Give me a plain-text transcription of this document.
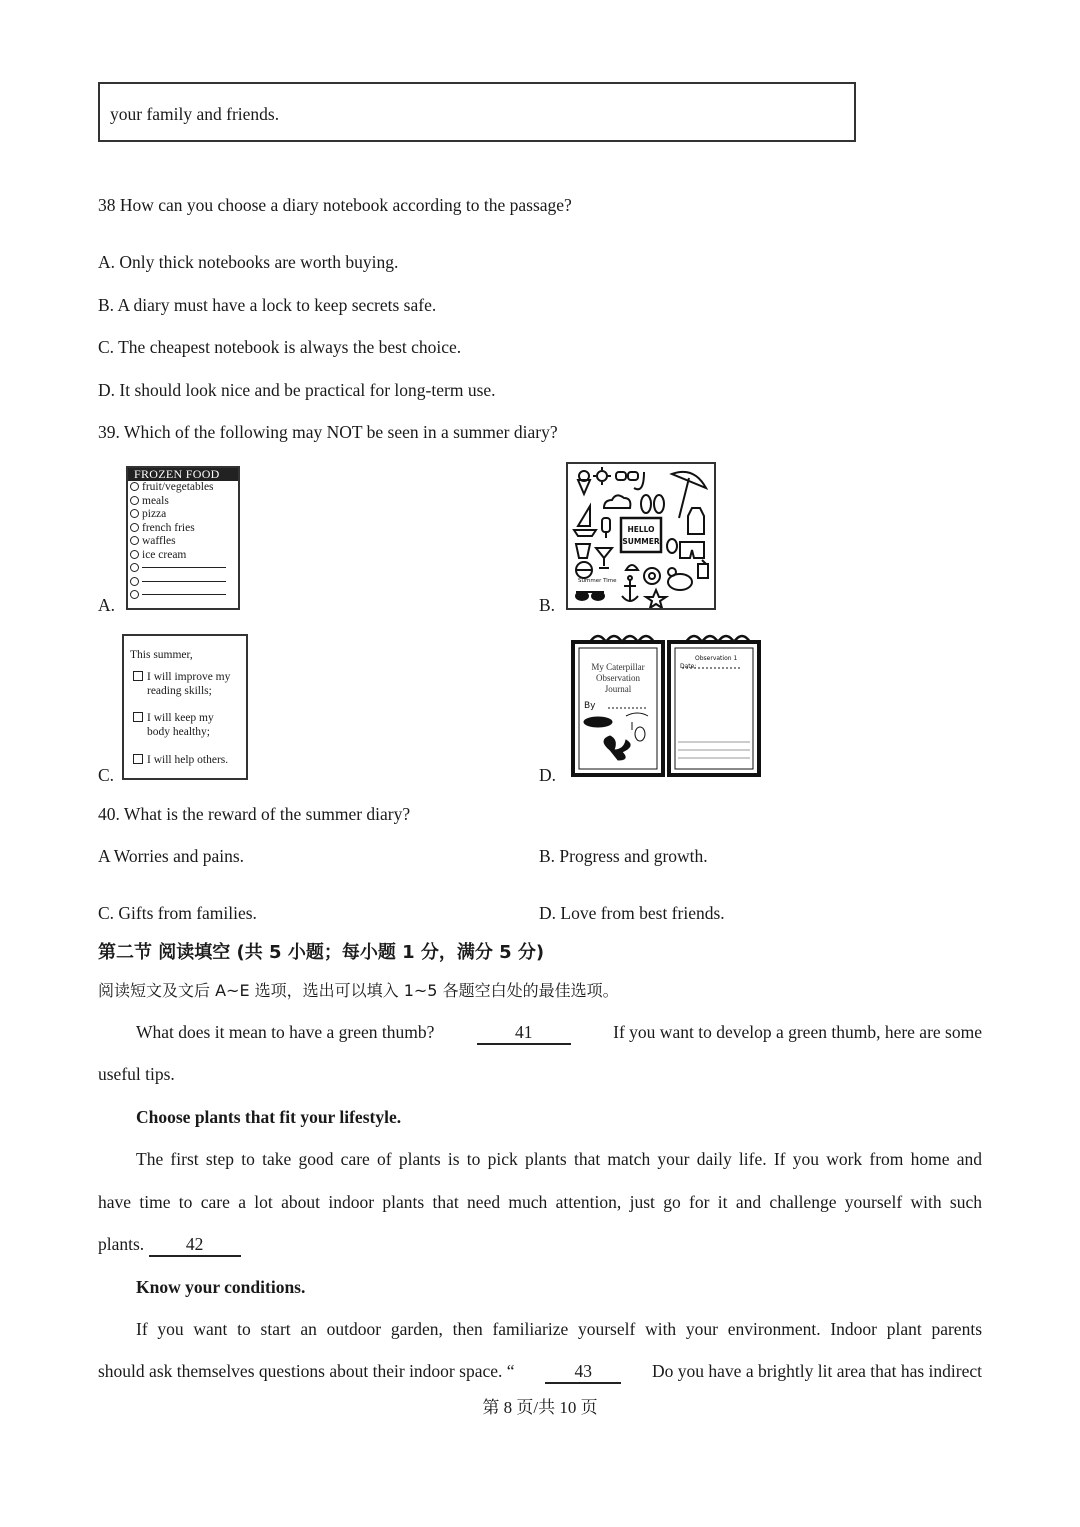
your family and friends.
38 How can you choose a diary notebook according to the passage?
A. Only thick notebooks are worth buying.
B. A diary must have a lock to keep secrets safe.
C. The cheapest notebook is always the best choice.
D. It should look nice and be practical for long-term use.
39. Which of the following may NOT be seen in a summer diary?
FROZEN FOOD
fruit/vegetables
meals
pizza
french fries
waffles
ice cream
A.
HELLO
SUMMER
Summer Time
B.
This summer,
I will improve my
reading skills;
I will keep my
body healthy;
I will help others.
C.
My Caterpillar
Observation
Journal
By
Observation 1
Date:
D.
40. What is the reward of the summer diary?
A Worries and pains.	B. Progress and growth.
C. Gifts from families.	D. Love from best friends.
第二节 阅读填空 (共 5 小题；每小题 1 分，满分 5 分)
阅读短文及文后 A~E 选项，选出可以填入 1~5 各题空白处的最佳选项。
What does it mean to have a green thumb?	41	If you want to develop a green thumb, here are some
useful tips.
Choose plants that fit your lifestyle.
The first step to take good care of plants is to pick plants that match your daily life. If you work from home and
have time to care a lot about indoor plants that need much attention, just go for it and challenge yourself with such
plants. 42
Know your conditions.
If you want to start an outdoor garden, then familiarize yourself with your environment. Indoor plant parents
should ask themselves questions about their indoor space. “	43	Do you have a brightly lit area that has indirect
第 8 页/共 10 页
